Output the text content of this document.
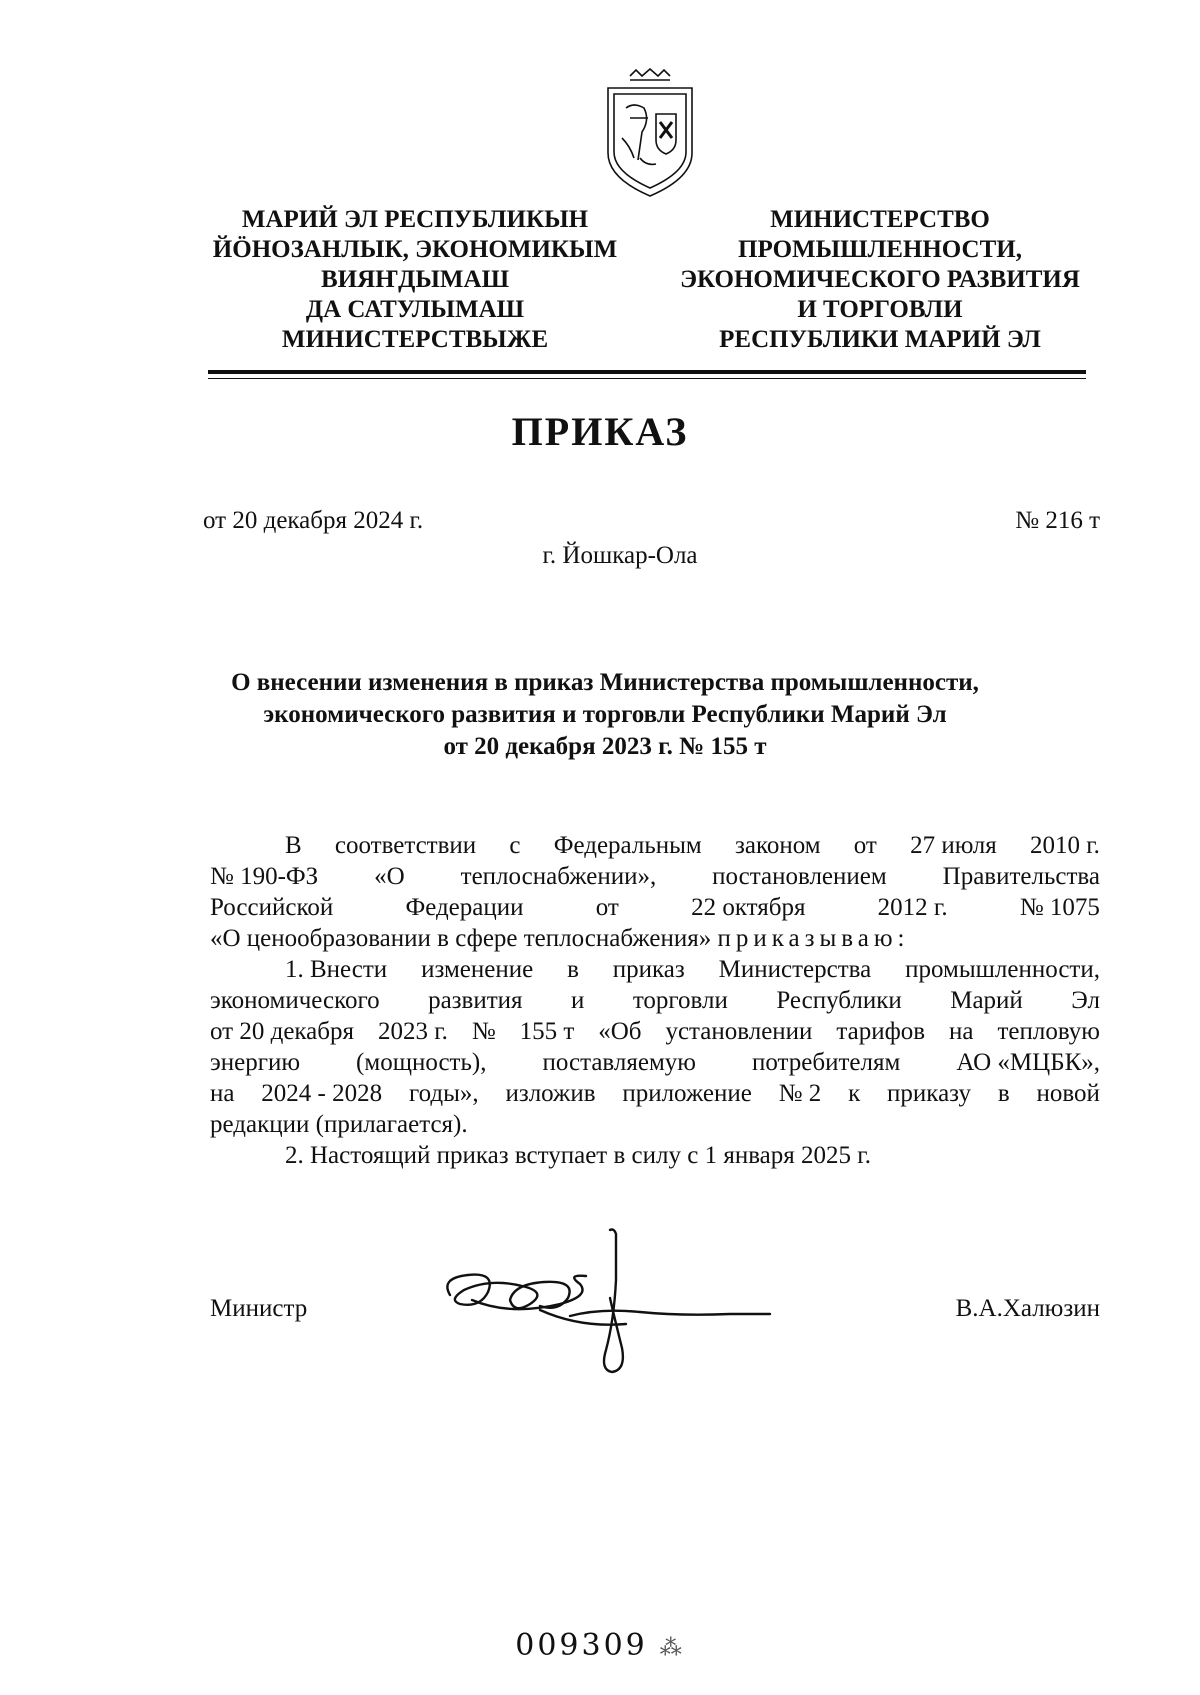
МАРИЙ ЭЛ РЕСПУБЛИКЫН
ЙӦНОЗАНЛЫК, ЭКОНОМИКЫМ
ВИЯҤДЫМАШ
ДА САТУЛЫМАШ
МИНИСТЕРСТВЫЖЕ
МИНИСТЕРСТВО
ПРОМЫШЛЕННОСТИ,
ЭКОНОМИЧЕСКОГО РАЗВИТИЯ
И ТОРГОВЛИ
РЕСПУБЛИКИ МАРИЙ ЭЛ
ПРИКАЗ
от 20 декабря 2024 г.	№ 216 т
г. Йошкар-Ола
О внесении изменения в приказ Министерства промышленности,
экономического развития и торговли Республики Марий Эл
от 20 декабря 2023 г. № 155 т
В соответствии с Федеральным законом от 27 июля 2010 г.
№ 190-ФЗ «О теплоснабжении», постановлением Правительства
Российской	Федерации	от	22 октября	2012 г.	№ 1075
«О ценообразовании в сфере теплоснабжения» приказываю:
1. Внести изменение в приказ Министерства промышленности,
экономического развития и торговли Республики Марий Эл
от 20 декабря 2023 г. № 155 т «Об установлении тарифов на тепловую
энергию (мощность), поставляемую потребителям АО «МЦБК»,
на 2024 - 2028 годы», изложив приложение № 2 к приказу в новой
редакции (прилагается).
2. Настоящий приказ вступает в силу с 1 января 2025 г.
Министр	В.А.Халюзин
009309 ⁂
